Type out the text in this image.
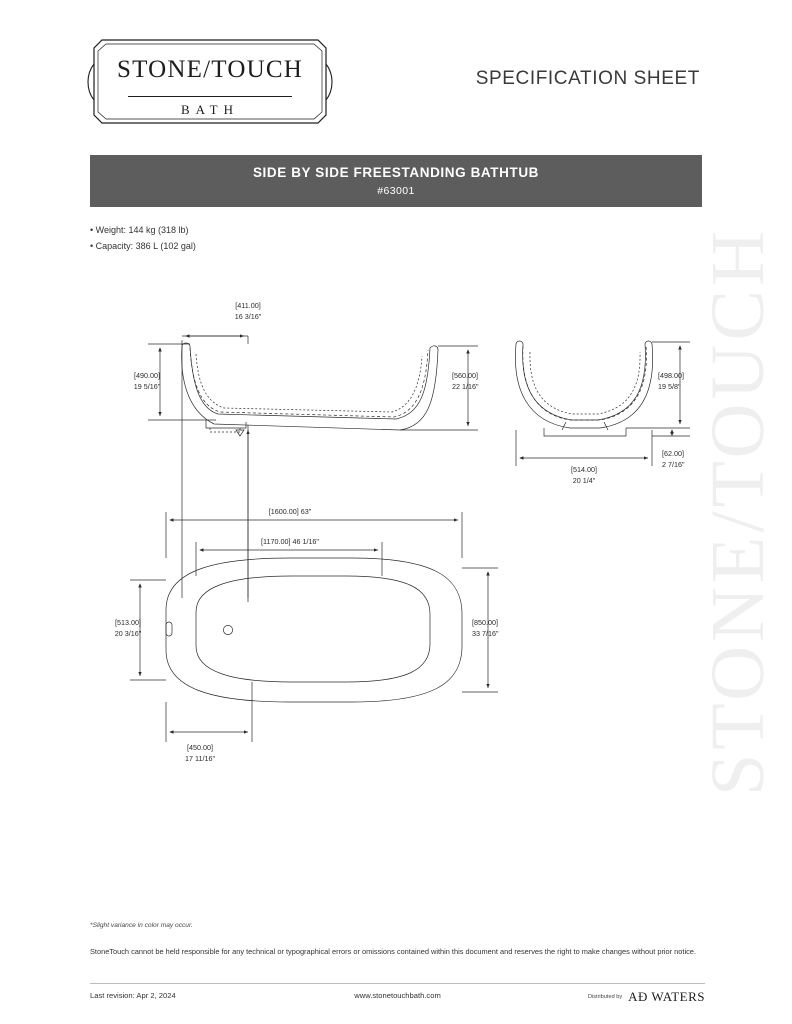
STONE/TOUCH
STONE/TOUCH
BATH
SPECIFICATION SHEET
SIDE BY SIDE FREESTANDING BATHTUB
#63001
• Weight: 144 kg (318 lb)
• Capacity: 386 L (102 gal)
[411.00]
16 3/16"
[490.00]
19 5/16"
[560.00]
22 1/16"
[498.00]
19 5/8"
[514.00]
20 1/4"
[62.00]
2 7/16"
[1600.00] 63"
[1170.00] 46 1/16"
[513.00]
20 3/16"
[850.00]
33 7/16"
[450.00]
17 11/16"
*Slight variance in color may occur.
StoneTouch cannot be held responsible for any technical or typographical errors or omissions contained within this document and reserves the right to make changes without prior notice.
Last revision: Apr 2, 2024	www.stonetouchbath.com	Distributed by AĐ WATERS
